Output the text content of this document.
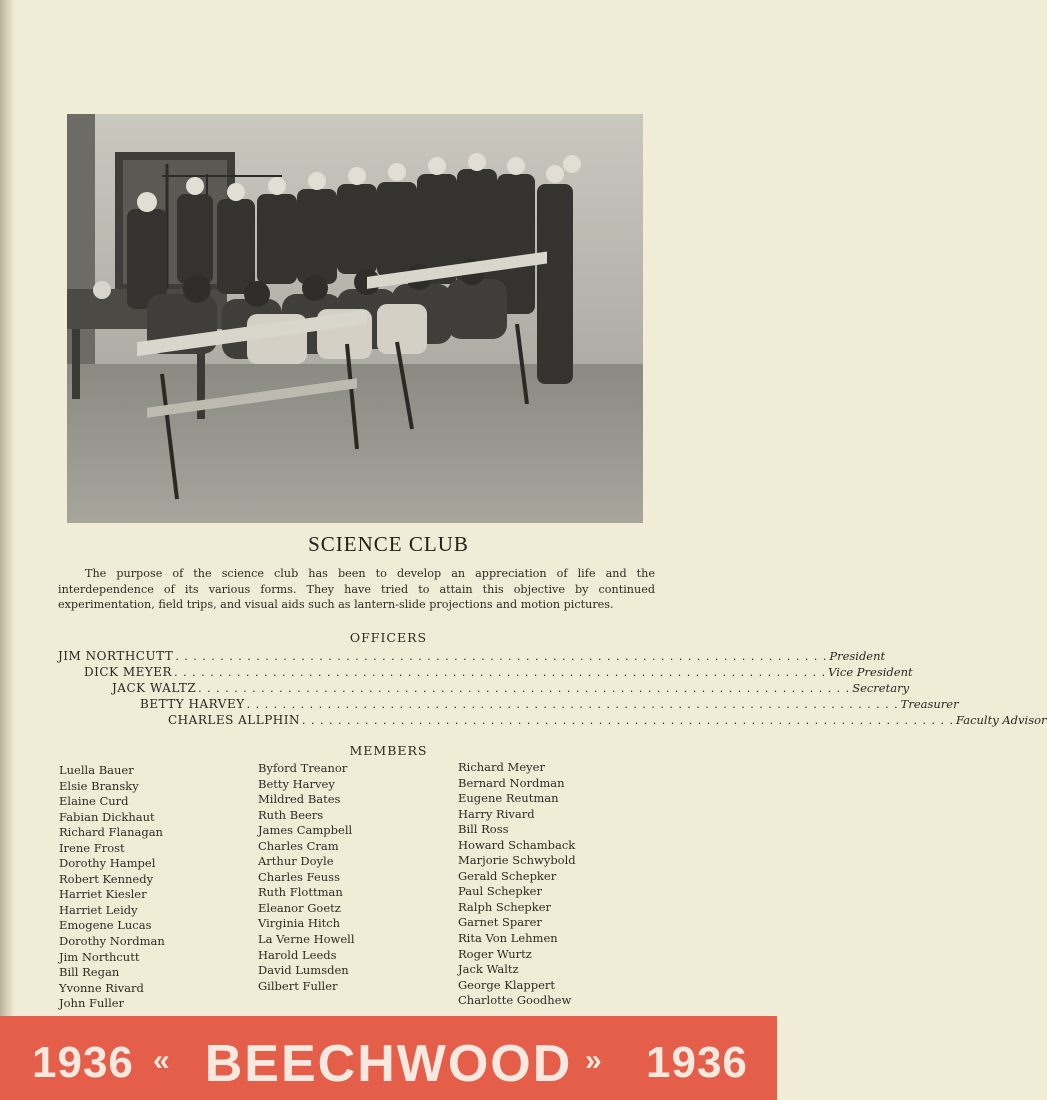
SCIENCE CLUB

The purpose of the science club has been to develop an appreciation of life and the interdependence of its various forms. They have tried to attain this objective by continued experimentation, field trips, and visual aids such as lantern-slide projections and motion pictures.

OFFICERS
JIM NORTHCUTT . . . . . . . . . . . . . . . . . . . . . . . . . . . . . . . . . . . . . . . . . . . . . . . . . . . . . . . . . . . . . . . . . . . . . . . . . President
DICK MEYER . . . . . . . . . . . . . . . . . . . . . . . . . . . . . . . . . . . . . . . . . . . . . . . . . . . . . . . . . . . . . . . . . . . . . . . . . Vice President
JACK WALTZ . . . . . . . . . . . . . . . . . . . . . . . . . . . . . . . . . . . . . . . . . . . . . . . . . . . . . . . . . . . . . . . . . . . . . . . . . Secretary
BETTY HARVEY . . . . . . . . . . . . . . . . . . . . . . . . . . . . . . . . . . . . . . . . . . . . . . . . . . . . . . . . . . . . . . . . . . . . . . . . . Treasurer
CHARLES ALLPHIN . . . . . . . . . . . . . . . . . . . . . . . . . . . . . . . . . . . . . . . . . . . . . . . . . . . . . . . . . . . . . . . . . . . . . . . . . Faculty Advisor
MEMBERS
Luella Bauer
Elsie Bransky
Elaine Curd
Fabian Dickhaut
Richard Flanagan
Irene Frost
Dorothy Hampel
Robert Kennedy
Harriet Kiesler
Harriet Leidy
Emogene Lucas
Dorothy Nordman
Jim Northcutt
Bill Regan
Yvonne Rivard
John Fuller
Byford Treanor
Betty Harvey
Mildred Bates
Ruth Beers
James Campbell
Charles Cram
Arthur Doyle
Charles Feuss
Ruth Flottman
Eleanor Goetz
Virginia Hitch
La Verne Howell
Harold Leeds
David Lumsden
Gilbert Fuller
Richard Meyer
Bernard Nordman
Eugene Reutman
Harry Rivard
Bill Ross
Howard Schamback
Marjorie Schwybold
Gerald Schepker
Paul Schepker
Ralph Schepker
Garnet Sparer
Rita Von Lehmen
Roger Wurtz
Jack Waltz
George Klappert
Charlotte Goodhew
1936 « BEECHWOOD » 1936
